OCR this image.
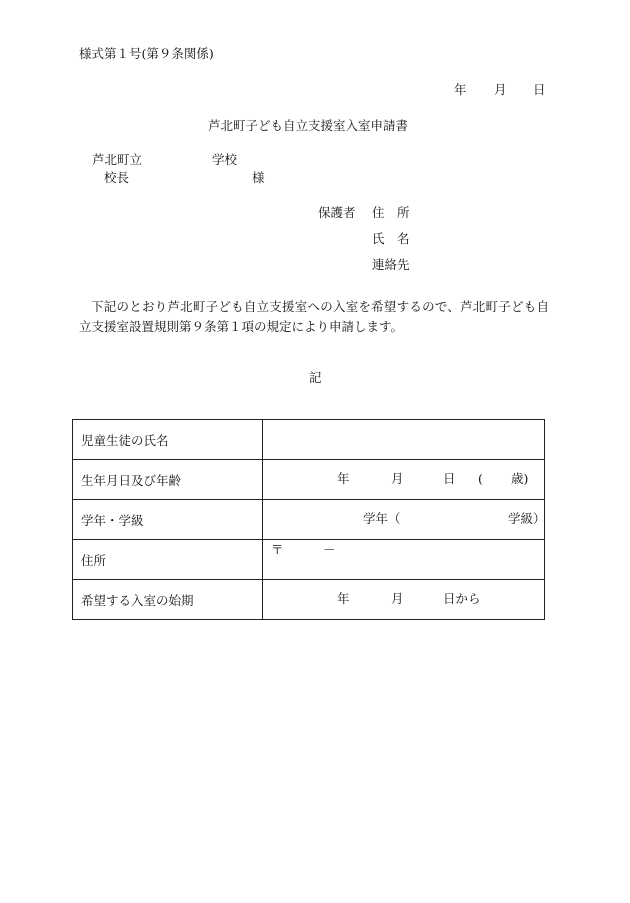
様式第１号(第９条関係)
年 月 日
芦北町子ども自立支援室入室申請書
芦北町立	学校
校長	様
保護者 住　所
氏　名
連絡先
下記のとおり芦北町子ども自立支援室への入室を希望するので、芦北町子ども自立支援室設置規則第９条第１項の規定により申請します。
記
児童生徒の氏名	
生年月日及び年齢	年 月 日 ( 歳)

学年・学級	学年（ 学級）

住所	〒 －

希望する入室の始期	年 月 日から
